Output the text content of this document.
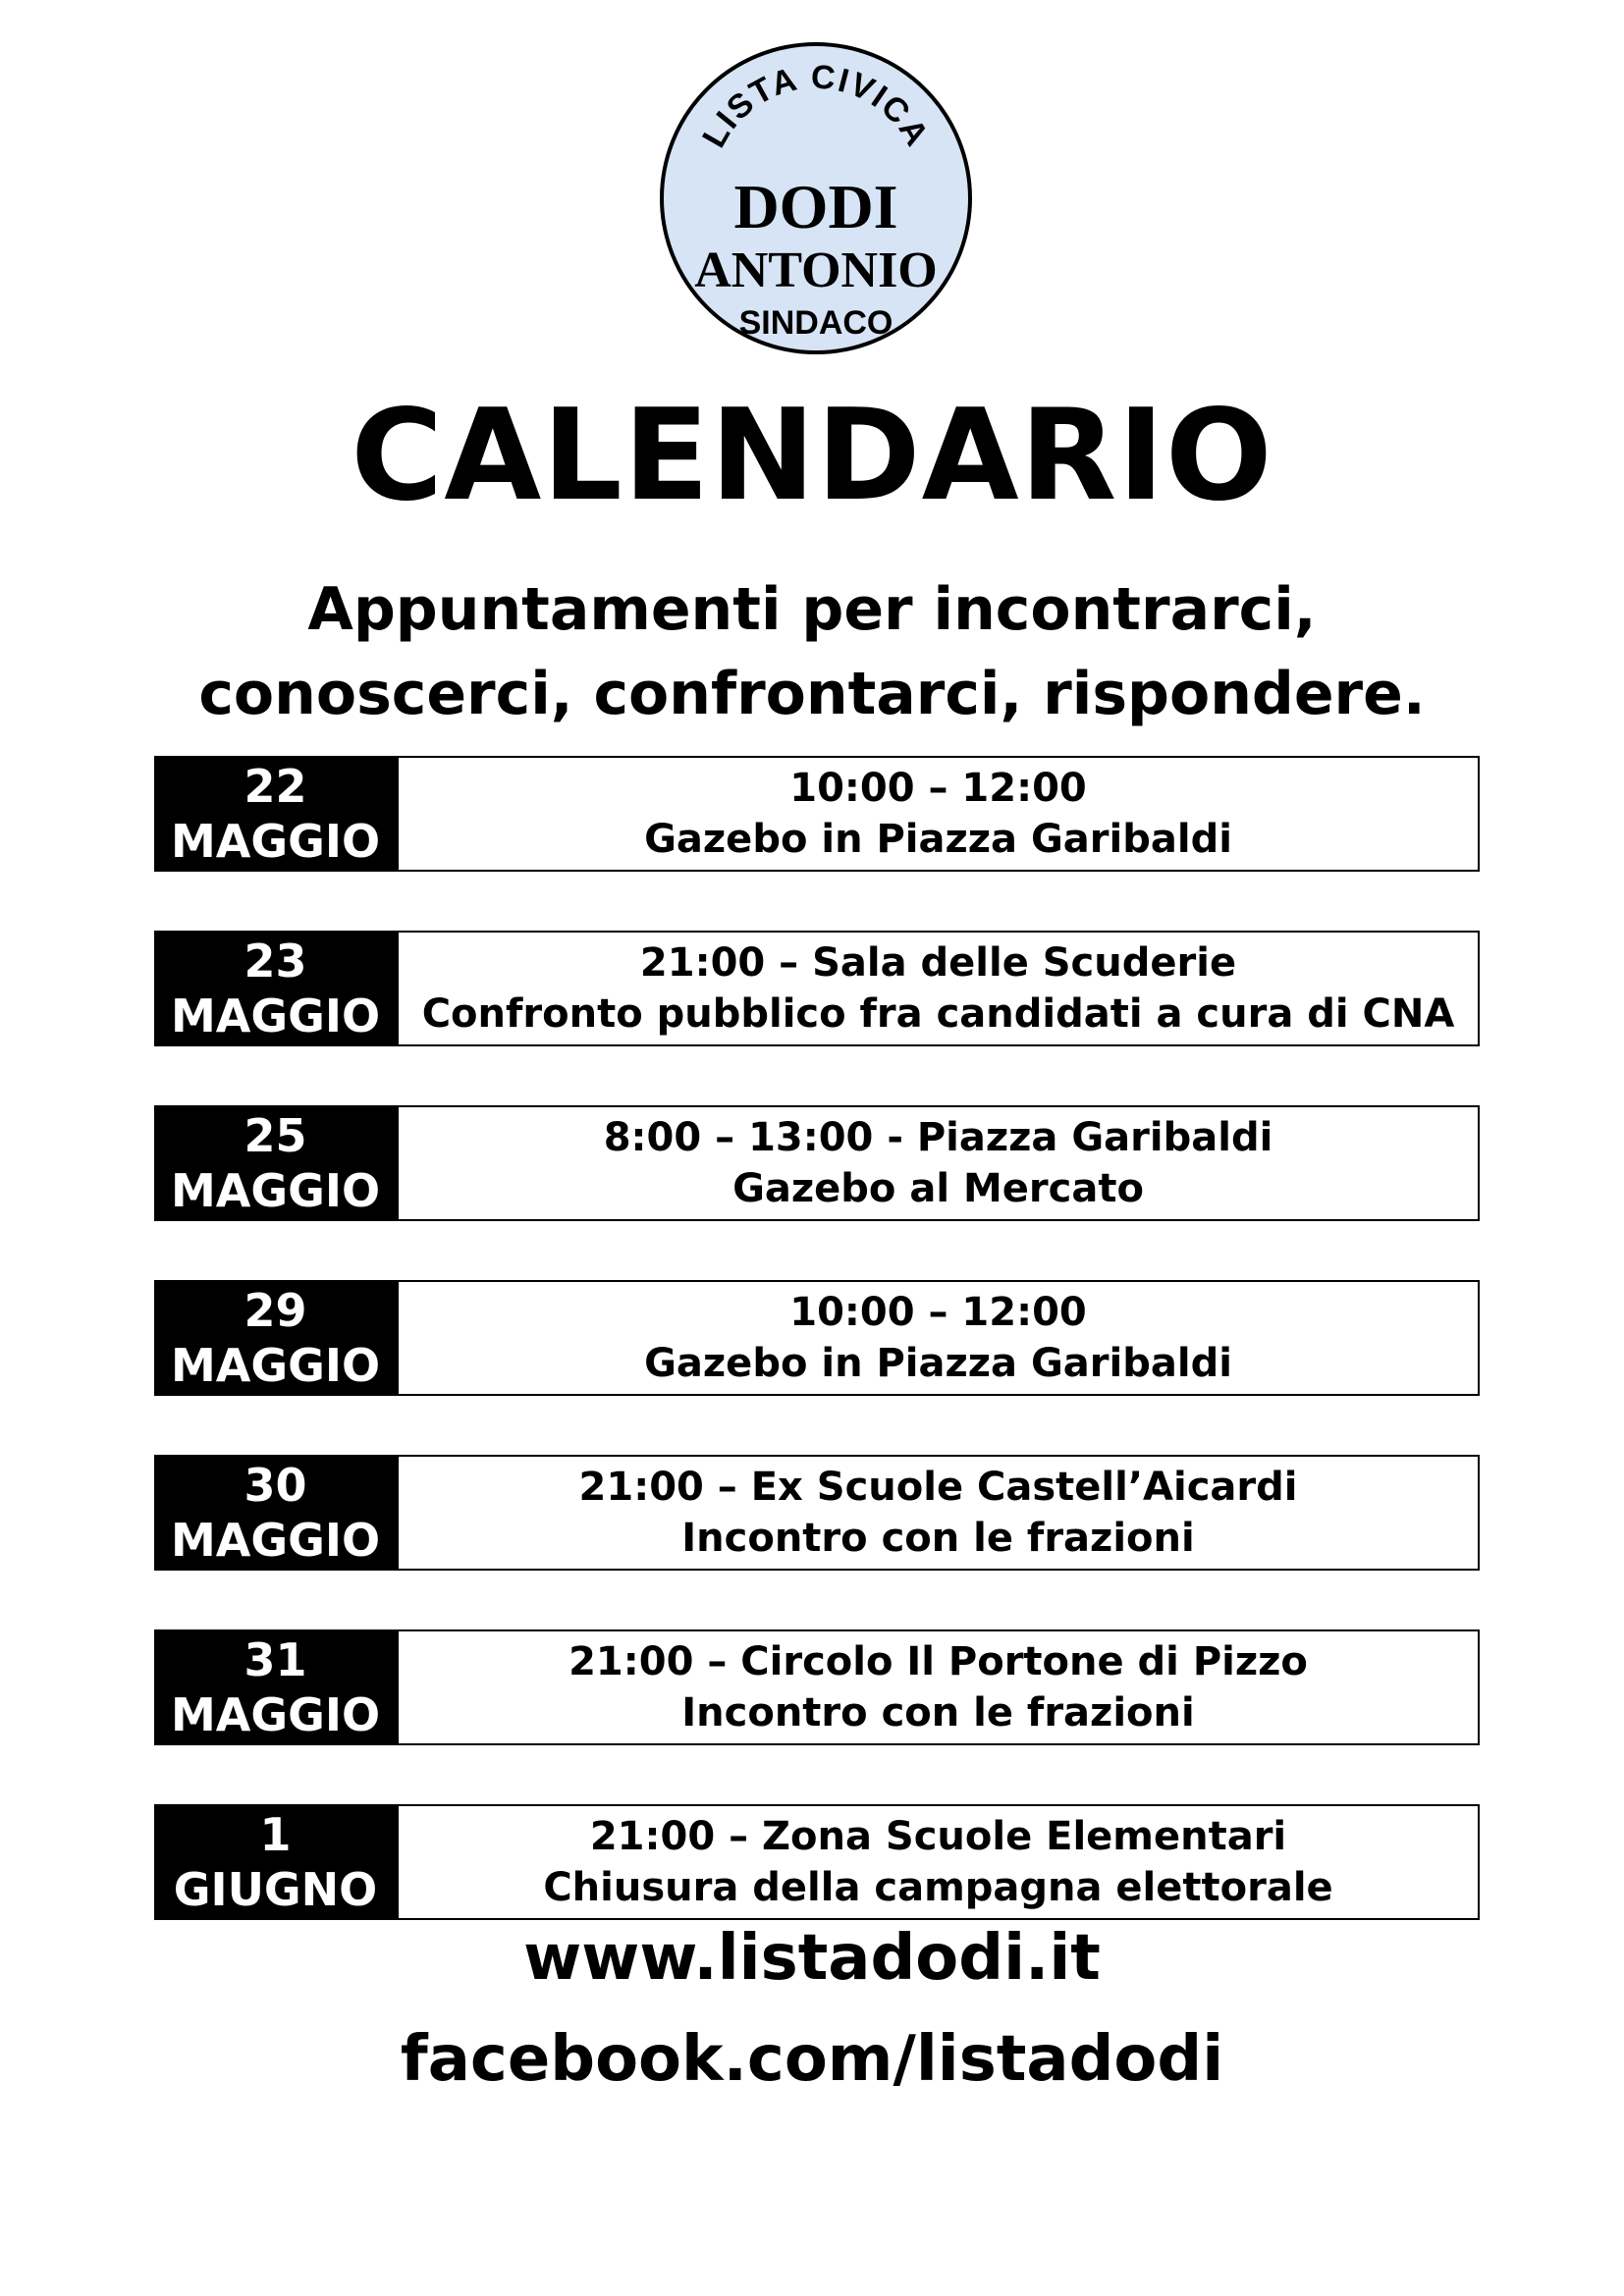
LISTA CIVICA
DODI
ANTONIO
SINDACO
CALENDARIO
Appuntamenti per incontrarci,
conoscerci, confrontarci, rispondere.
22
MAGGIO
10:00 – 12:00
Gazebo in Piazza Garibaldi
23
MAGGIO
21:00 – Sala delle Scuderie
Confronto pubblico fra candidati a cura di CNA
25
MAGGIO
8:00 – 13:00 - Piazza Garibaldi
Gazebo al Mercato
29
MAGGIO
10:00 – 12:00
Gazebo in Piazza Garibaldi
30
MAGGIO
21:00 – Ex Scuole Castell’Aicardi
Incontro con le frazioni
31
MAGGIO
21:00 – Circolo Il Portone di Pizzo
Incontro con le frazioni
1
GIUGNO
21:00 – Zona Scuole Elementari
Chiusura della campagna elettorale
www.listadodi.it
facebook.com/listadodi
